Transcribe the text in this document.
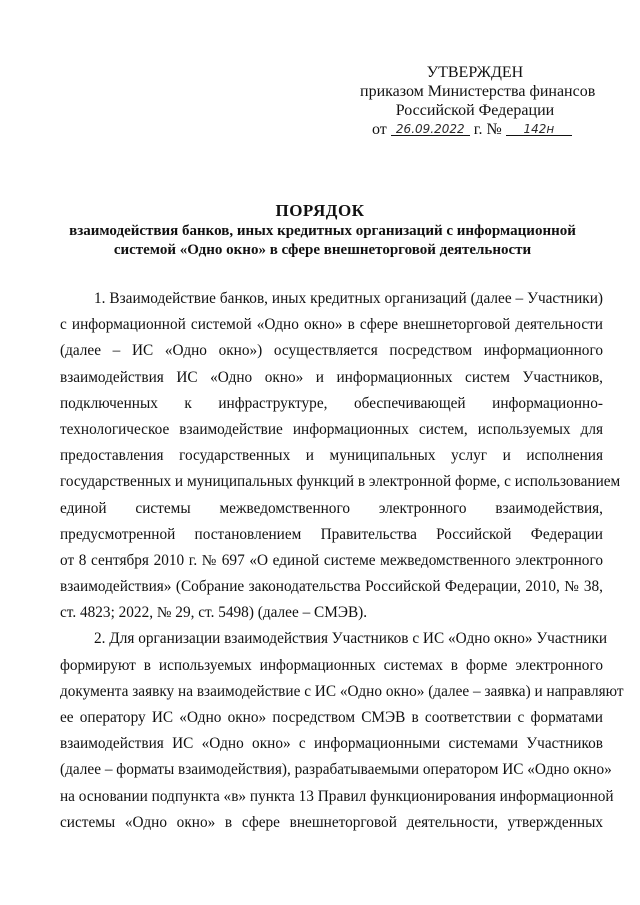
УТВЕРЖДЕН
приказом Министерства финансов
Российской Федерации
от 26.09.2022 г. № 142н
ПОРЯДОК
взаимодействия банков, иных кредитных организаций с информационной
системой «Одно окно» в сфере внешнеторговой деятельности
1. Взаимодействие банков, иных кредитных организаций (далее – Участники)
с информационной системой «Одно окно» в сфере внешнеторговой деятельности
(далее – ИС «Одно окно») осуществляется посредством информационного
взаимодействия ИС «Одно окно» и информационных систем Участников,
подключенных к инфраструктуре, обеспечивающей информационно-
технологическое взаимодействие информационных систем, используемых для
предоставления государственных и муниципальных услуг и исполнения
государственных и муниципальных функций в электронной форме, с использованием
единой системы межведомственного электронного взаимодействия,
предусмотренной постановлением Правительства Российской Федерации
от 8 сентября 2010 г. № 697 «О единой системе межведомственного электронного
взаимодействия» (Собрание законодательства Российской Федерации, 2010, № 38,
ст. 4823; 2022, № 29, ст. 5498) (далее – СМЭВ).
2. Для организации взаимодействия Участников с ИС «Одно окно» Участники
формируют в используемых информационных системах в форме электронного
документа заявку на взаимодействие с ИС «Одно окно» (далее – заявка) и направляют
ее оператору ИС «Одно окно» посредством СМЭВ в соответствии с форматами
взаимодействия ИС «Одно окно» с информационными системами Участников
(далее – форматы взаимодействия), разрабатываемыми оператором ИС «Одно окно»
на основании подпункта «в» пункта 13 Правил функционирования информационной
системы «Одно окно» в сфере внешнеторговой деятельности, утвержденных
